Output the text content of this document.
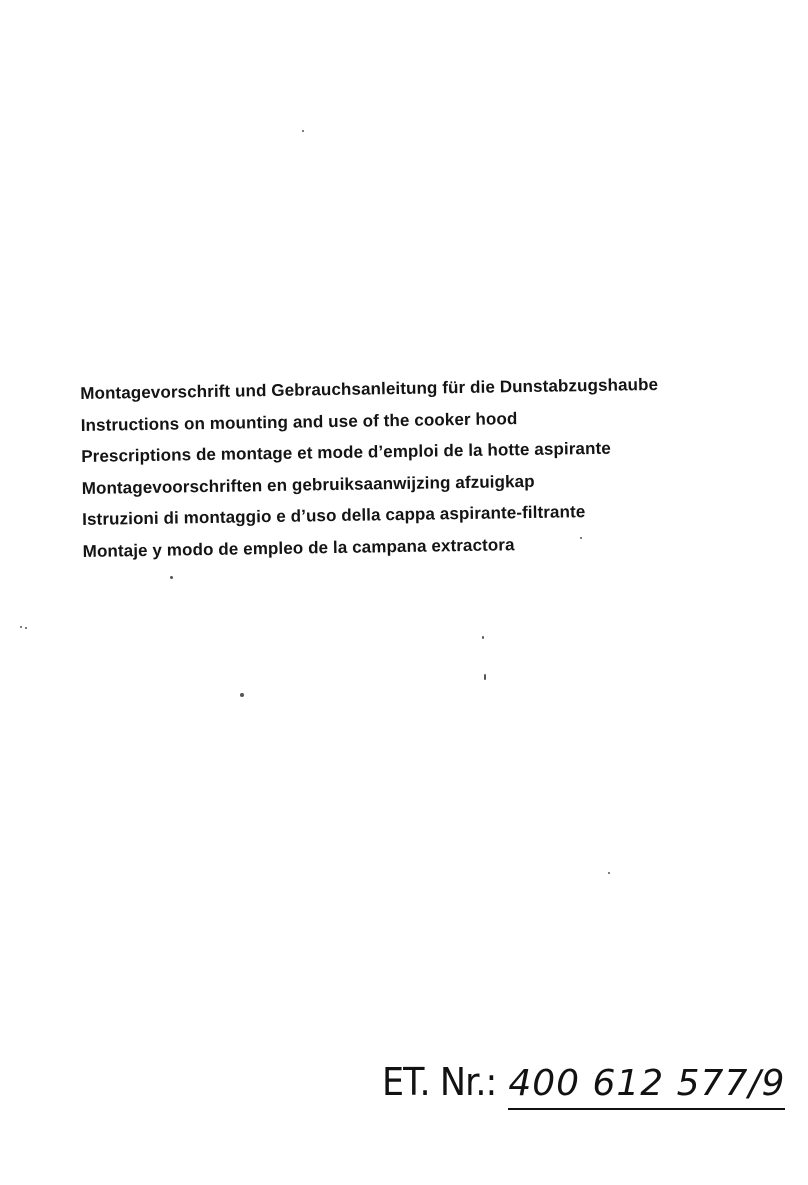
Montagevorschrift und Gebrauchsanleitung für die Dunstabzugshaube
Instructions on mounting and use of the cooker hood
Prescriptions de montage et mode d’emploi de la hotte aspirante
Montagevoorschriften en gebruiksaanwijzing afzuigkap
Istruzioni di montaggio e d’uso della cappa aspirante-filtrante
Montaje y modo de empleo de la campana extractora
ET. Nr.: 400 612 577/9
